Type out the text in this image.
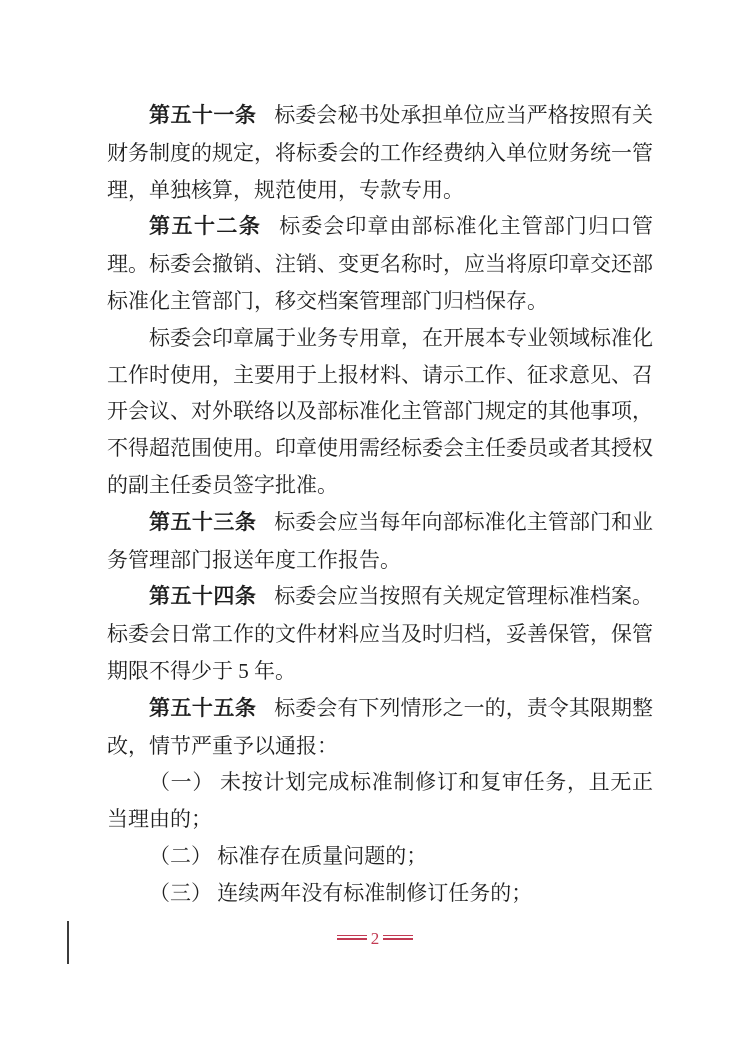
第五十一条 标委会秘书处承担单位应当严格按照有关财务制度的规定，将标委会的工作经费纳入单位财务统一管理，单独核算，规范使用，专款专用。

第五十二条 标委会印章由部标准化主管部门归口管理。标委会撤销、注销、变更名称时，应当将原印章交还部标准化主管部门，移交档案管理部门归档保存。

标委会印章属于业务专用章，在开展本专业领域标准化工作时使用，主要用于上报材料、请示工作、征求意见、召开会议、对外联络以及部标准化主管部门规定的其他事项，不得超范围使用。印章使用需经标委会主任委员或者其授权的副主任委员签字批准。

第五十三条 标委会应当每年向部标准化主管部门和业务管理部门报送年度工作报告。

第五十四条 标委会应当按照有关规定管理标准档案。标委会日常工作的文件材料应当及时归档，妥善保管，保管期限不得少于 5 年。

第五十五条 标委会有下列情形之一的，责令其限期整改，情节严重予以通报：

（一） 未按计划完成标准制修订和复审任务，且无正当理由的；

（二） 标准存在质量问题的；

（三） 连续两年没有标准制修订任务的；

2
